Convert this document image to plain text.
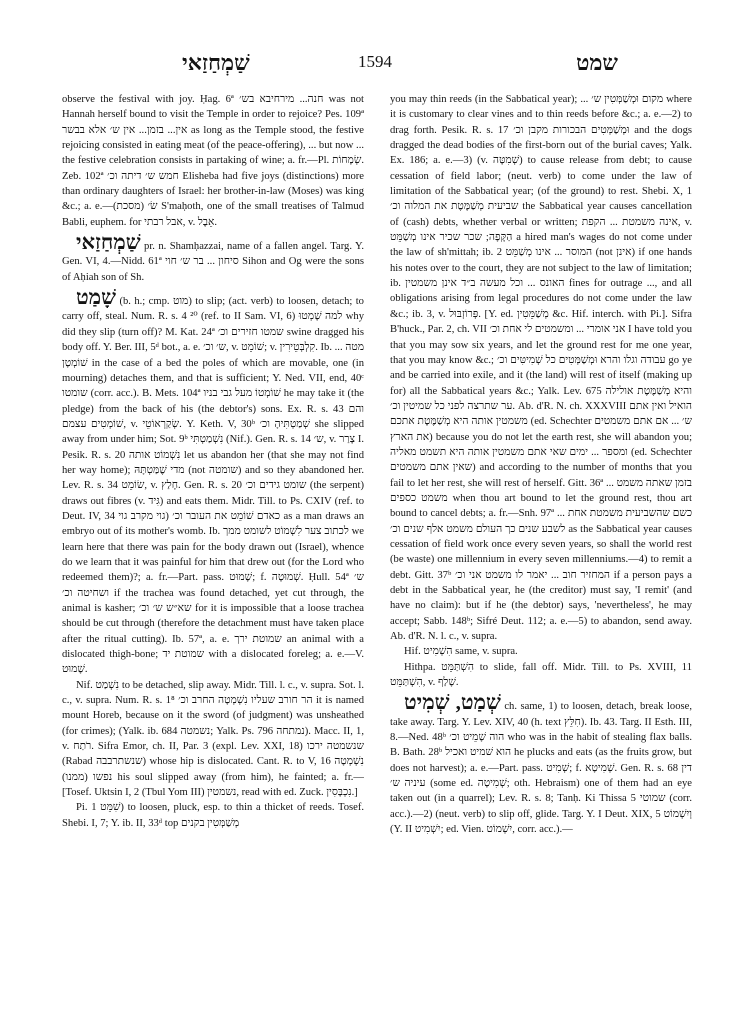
שַׁמְחַזַאי	1594	שמט

observe the festival with joy. Ḥag. 6ª חנה... מירחיבא בש׳ was not Hannah herself bound to visit the Temple in order to rejoice? Pes. 109ª אין... בזמן... אין ש׳ אלא בבשר as long as the Temple stood, the festive rejoicing consisted in eating meat (of the peace-offering), ... but now ... the festive celebration consists in partaking of wine; a. fr.—Pl. שְׂמָחוֹת. Zeb. 102ª חמש ש׳ דיתה וכ׳ Elisheba had five joys (distinctions) more than ordinary daughters of Israel: her brother-in-law (Moses) was king &c.; a. e.—(מסכת) שׂ׳ S'maḥoth, one of the small treatises of Talmud Babli, euphem. for אבל רבתי, v. אֵבֶל.

שַׁמְחַזַאי pr. n. Shamḥazzai, name of a fallen angel. Targ. Y. Gen. VI, 4.—Nidd. 61ª סיחון ... בר ש׳ חוי Sihon and Og were the sons of Aḥiah son of Sh.

שָׁמַט (b. h.; cmp. מוט) to slip; (act. verb) to loosen, detach; to carry off, steal. Num. R. s. 4 ²⁰ (ref. to II Sam. VI, 6) למה שָׁמְטוּ why did they slip (turn off)? M. Kat. 24ª שמטו חזירים וכ׳ swine dragged his body off. Y. Ber. III, 5ᵈ bot., a. e. ש׳ וכ׳, v. שׁוֹמֵט; v. קִלְבְּטֵירִין. Ib. מטה ... שׁוֹמְטָן in the case of a bed the poles of which are movable, one (in mourning) detaches them, and that is sufficient; Y. Ned. VII, end, 40ᶜ שומטו (corr. acc.). B. Mets. 104ª שׁוֹמְטוֹ מעל גבי בניו he may take it (the pledge) from the back of his (the debtor's) sons. Ex. R. s. 43 והם שׁוֹמְטִים עצמם, v. שְׂקַרְאוֹטֵי. Y. Keth. V, 30ᵇ שְׁמַטְתִּיהָ וכ׳ she slipped away from under him; Sot. 9ᵇ נִשְׁמַטְתִּי (Nif.). Gen. R. s. 14 ש׳, v. צָרַר I. Pesik. R. s. 20 נִשְׁמוֹט אותה let us abandon her (that she may not find her way home); מדי שֶׁמַּטְתָּהּ (not שומטה) and so they abandoned her. Lev. R. s. 34 שׂוֹמֵט, v. חָלַץ. Gen. R. s. 20 שומט גידים וכ׳ (the serpent) draws out fibres (v. גִּיד) and eats them. Midr. Till. to Ps. CXIV (ref. to Deut. IV, 34 גוי מקרב גוי) כאדם שׁוֹמֵט את העובר וכ׳ as a man draws an embryo out of its mother's womb. Ib. לכתוב צער לִשְׁמוֹט לשומט ממך we learn here that there was pain for the body drawn out (Israel), whence do we learn that it was painful for him that drew out (for the Lord who redeemed them)?; a. fr.—Part. pass. שָׁמוּט; f. שְׁמוּטָה. Ḥull. 54ª ש׳ ושחיטה וכ׳ if the trachea was found detached, yet cut through, the animal is kasher; שא״ש ש׳ וכ׳ for it is impossible that a loose trachea should be cut through (therefore the detachment must have taken place after the ritual cutting). Ib. 57ª, a. e. שמוטת ירך an animal with a dislocated thigh-bone; שמוטת יד with a dislocated foreleg; a. e.—V. שָׁמוּט.

Nif. נִשְׁמַט to be detached, slip away. Midr. Till. l. c., v. supra. Sot. l. c., v. supra. Num. R. s. 1⁸ הר חורב שעליו נִשְׁמְטָה החרב וכ׳ it is named mount Horeb, because on it the sword (of judgment) was unsheathed (for crimes); (Yalk. ib. 684 נשמטה; Yalk. Ps. 796 נמתחה). Macc. II, 1, v. רֹתַח. Sifra Emor, ch. II, Par. 3 (expl. Lev. XXI, 18) שנשמטה ירכו (Rabad שנשתרבבה) whose hip is dislocated. Cant. R. to V, 16 נִשְׁמְטָה נפשו (ממנו) his soul slipped away (from him), he fainted; a. fr.—[Tosef. Uktsin I, 2 (Tbul Yom III) נשמטין, read with ed. Zuck. נִכְבָּסִין.]

Pi. שִׁמֵּט 1) to loosen, pluck, esp. to thin a thicket of reeds. Tosef. Shebi. I, 7; Y. ib. II, 33ᵈ top מְשַׁמְּטִין בקנים

you may thin reeds (in the Sabbatical year); ... מקום וּמְשַׁמְּטִין ש׳ where it is customary to clear vines and to thin reeds before &c.; a. e.—2) to drag forth. Pesik. R. s. 17 וּמְשַׁמְּטִים הבכורות מקבן וכ׳ and the dogs dragged the dead bodies of the first-born out of the burial caves; Yalk. Ex. 186; a. e.—3) (v. שְׁמִטָּה) to cause release from debt; to cause cessation of field labor; (neut. verb) to come under the law of limitation of the Sabbatical year; (of the ground) to rest. Shebi. X, 1 שביעית מְשַׁמֶּטֶת את המלוה וכ׳ the Sabbatical year causes cancellation of (cash) debts, whether verbal or written; אינה משמטת ... הקפת, v. הַקָּפָה; שכר שכיר אינו מְשַׁמֵּט a hired man's wages do not come under the law of sh'mittah; ib. 2 המוסר ... אינו מְשַׁמֵּט (not אינן) if one hands his notes over to the court, they are not subject to the law of limitation; ib. האונס ... וכל מעשה ב״ד אינן משמטין fines for outrage ..., and all obligations arising from legal procedures do not come under the law &c.; ib. 3, v. פְּרוֹזְבּוּל. [Y. ed. מְשַׁמֵּטִין &c. Hif. interch. with Pi.]. Sifra B'huck., Par. 2, ch. VII אני אומרי ... ומשמטים לי אחת וכ׳ I have told you that you may sow six years, and let the ground rest for me one year, that you may know &c.; עבודה וגלו והרא וּמְשַׁמְּטִים כל שְׁמִיטִּים וכ׳ go ye and be carried into exile, and it (the land) will rest of itself (making up for) all the Sabbatical years &c.; Yalk. Lev. 675 והיא מְשַׁמֶּטֶת אולילה ער שתרצה לפני כל שמיטין וכ׳. Ab. d'R. N. ch. XXXVIII הואיל ואין אתם משמטין אותה היא מְשַׁמֶּטֶת אתכם (ed. Schechter ש׳ ... אם אתם משמטים את הארץ) because you do not let the earth rest, she will abandon you; ומספר ... ימים שאי אתם משמטין אותה היא תשמט מאליה (ed. Schechter שאין אתם משמטים) and according to the number of months that you fail to let her rest, she will rest of herself. Gitt. 36ª בזמן שאתה משמט ... משמט כספים when thou art bound to let the ground rest, thou art bound to cancel debts; a. fr.—Snh. 97ª ... כשם שהשביעית משמטת אחת לשבע שנים כך העולם משמט אלף שנים וכ׳ as the Sabbatical year causes cessation of field work once every seven years, so shall the world rest (be waste) one millennium in every seven millenniums.—4) to remit a debt. Gitt. 37ᵇ המחזיר חוב ... יאמר לו משמט אני וכ׳ if a person pays a debt in the Sabbatical year, he (the creditor) must say, 'I remit' (and have no claim): but if he (the debtor) says, 'nevertheless', he may accept; Sabb. 148ᵇ; Sifré Deut. 112; a. e.—5) to abandon, send away. Ab. d'R. N. l. c., v. supra.

Hif. הִשְׁמִיט same, v. supra.

Hithpa. הִשְׁתַּמֵּט to slide, fall off. Midr. Till. to Ps. XVIII, 11 הִשְׁתַּמֵּט, v. שָׁלַף.

שְׁמַט, שְׁמִיט ch. same, 1) to loosen, detach, break loose, take away. Targ. Y. Lev. XIV, 40 (h. text חִלֵּץ). Ib. 43. Targ. II Esth. III, 8.—Ned. 48ᵇ הוה שָׁמֵיט וכ׳ who was in the habit of stealing flax balls. B. Bath. 28ᵇ הוא שׁמיט ואכיל he plucks and eats (as the fruits grow, but does not harvest); a. e.—Part. pass. שְׁמִיט; f. שְׁמִיטָא. Gen. R. s. 68 דין עיניה ש׳ (some ed. שְׁמִיטָה; oth. Hebraism) one of them had an eye taken out (in a quarrel); Lev. R. s. 8; Tanḥ. Ki Thissa 5 שמוטי (corr. acc.).—2) (neut. verb) to slip off, glide. Targ. Y. I Deut. XIX, 5 וְיִשְׁמוֹט (Y. II יִשְׁמִיט; ed. Vien. יִשְׁמוֹט, corr. acc.).—
